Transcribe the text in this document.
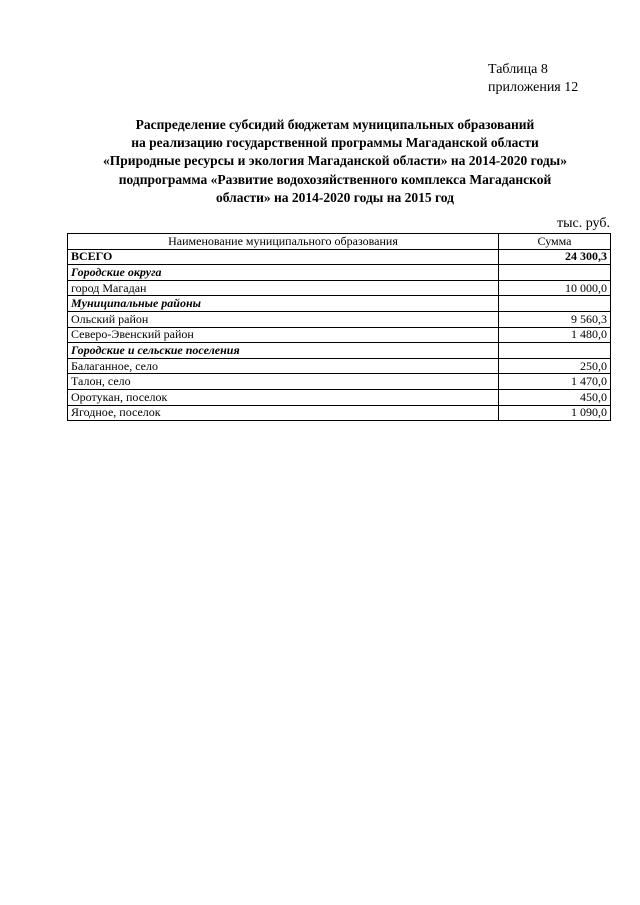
Таблица 8
приложения 12
Распределение субсидий бюджетам муниципальных образований
на реализацию государственной программы Магаданской области
«Природные ресурсы и экология Магаданской области» на 2014-2020 годы»
подпрограмма «Развитие водохозяйственного комплекса Магаданской
области» на 2014-2020 годы на 2015 год
тыс. руб.
Наименование муниципального образования	Сумма
ВСЕГО	24 300,3
Городские округа	
город Магадан	10 000,0
Муниципальные районы	
Ольский район	9 560,3
Северо-Эвенский район	1 480,0
Городские и сельские поселения	
Балаганное, село	250,0
Талон, село	1 470,0
Оротукан, поселок	450,0
Ягодное, поселок	1 090,0
